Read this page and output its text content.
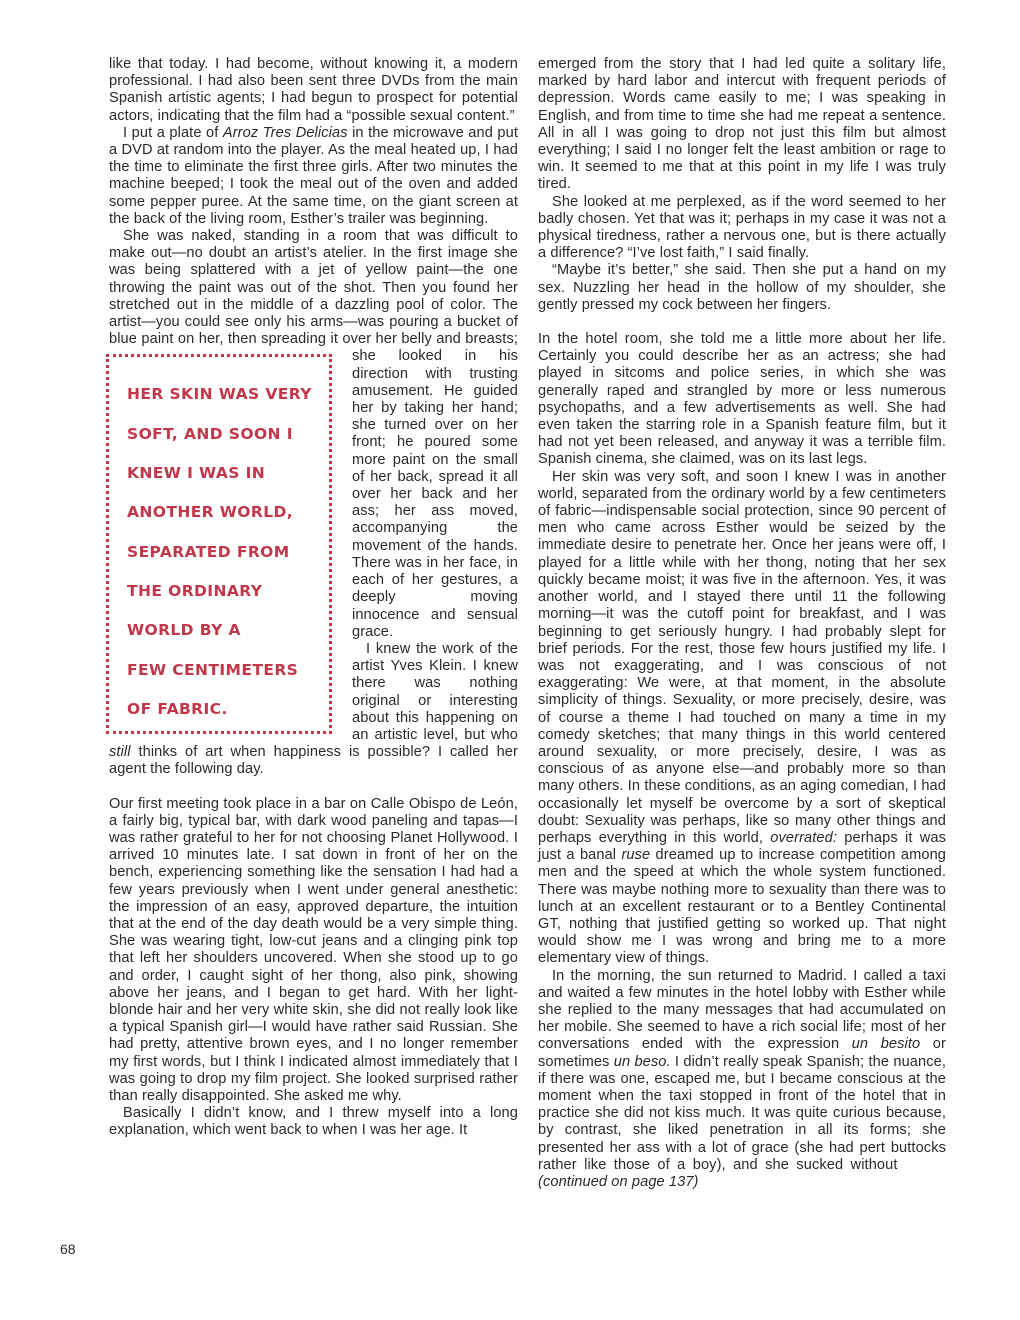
like that today. I had become, without knowing it, a modern professional. I had also been sent three DVDs from the main Spanish artistic agents; I had begun to prospect for potential actors, indicating that the film had a “possible sexual content.”

I put a plate of Arroz Tres Delicias in the microwave and put a DVD at random into the player. As the meal heated up, I had the time to eliminate the first three girls. After two minutes the machine beeped; I took the meal out of the oven and added some pepper puree. At the same time, on the giant screen at the back of the living room, Esther’s trailer was beginning.

She was naked, standing in a room that was difficult to make out—no doubt an artist’s atelier. In the first image she was being splattered with a jet of yellow paint—the one throwing the paint was out of the shot. Then you found her stretched out in the middle of a dazzling pool of color. The artist—you could see only his arms—was pouring a bucket of blue paint on her, then spreading it over her belly and
HER SKIN WAS VERY
SOFT, AND SOON I
KNEW I WAS IN
ANOTHER WORLD,
SEPARATED FROM
THE ORDINARY
WORLD BY A
FEW CENTIMETERS
OF FABRIC.
breasts; she looked in his direction with trusting amusement. He guided her by taking her hand; she turned over on her front; he poured some more paint on the small of her back, spread it all over her back and her ass; her ass moved, accompanying the movement of the hands. There was in her face, in each of her gestures, a deeply moving innocence and sensual grace.

I knew the work of the artist Yves Klein. I knew there was nothing original or interesting about this happening on an artistic level, but who still thinks of art when happiness is possible? I called her agent the following day.

Our first meeting took place in a bar on Calle Obispo de León, a fairly big, typical bar, with dark wood paneling and tapas—I was rather grateful to her for not choosing Planet Hollywood. I arrived 10 minutes late. I sat down in front of her on the bench, experiencing something like the sensation I had had a few years previously when I went under general anesthetic: the impression of an easy, approved departure, the intuition that at the end of the day death would be a very simple thing. She was wearing tight, low-cut jeans and a clinging pink top that left her shoulders uncovered. When she stood up to go and order, I caught sight of her thong, also pink, showing above her jeans, and I began to get hard. With her light-blonde hair and her very white skin, she did not really look like a typical Spanish girl—I would have rather said Russian. She had pretty, attentive brown eyes, and I no longer remember my first words, but I think I indicated almost immediately that I was going to drop my film project. She looked surprised rather than really disappointed. She asked me why.

Basically I didn’t know, and I threw myself into a long explanation, which went back to when I was her age. It

emerged from the story that I had led quite a solitary life, marked by hard labor and intercut with frequent periods of depression. Words came easily to me; I was speaking in English, and from time to time she had me repeat a sentence. All in all I was going to drop not just this film but almost everything; I said I no longer felt the least ambition or rage to win. It seemed to me that at this point in my life I was truly tired.

She looked at me perplexed, as if the word seemed to her badly chosen. Yet that was it; perhaps in my case it was not a physical tiredness, rather a nervous one, but is there actually a difference? “I’ve lost faith,” I said finally.

“Maybe it’s better,” she said. Then she put a hand on my sex. Nuzzling her head in the hollow of my shoulder, she gently pressed my cock between her fingers.

In the hotel room, she told me a little more about her life. Certainly you could describe her as an actress; she had played in sitcoms and police series, in which she was generally raped and strangled by more or less numerous psychopaths, and a few advertisements as well. She had even taken the starring role in a Spanish feature film, but it had not yet been released, and anyway it was a terrible film. Spanish cinema, she claimed, was on its last legs.

Her skin was very soft, and soon I knew I was in another world, separated from the ordinary world by a few centimeters of fabric—indispensable social protection, since 90 percent of men who came across Esther would be seized by the immediate desire to penetrate her. Once her jeans were off, I played for a little while with her thong, noting that her sex quickly became moist; it was five in the afternoon. Yes, it was another world, and I stayed there until 11 the following morning—it was the cutoff point for breakfast, and I was beginning to get seriously hungry. I had probably slept for brief periods. For the rest, those few hours justified my life. I was not exaggerating, and I was conscious of not exaggerating: We were, at that moment, in the absolute simplicity of things. Sexuality, or more precisely, desire, was of course a theme I had touched on many a time in my comedy sketches; that many things in this world centered around sexuality, or more precisely, desire, I was as conscious of as anyone else—and probably more so than many others. In these conditions, as an aging comedian, I had occasionally let myself be overcome by a sort of skeptical doubt: Sexuality was perhaps, like so many other things and perhaps everything in this world, overrated: perhaps it was just a banal ruse dreamed up to increase competition among men and the speed at which the whole system functioned. There was maybe nothing more to sexuality than there was to lunch at an excellent restaurant or to a Bentley Continental GT, nothing that justified getting so worked up. That night would show me I was wrong and bring me to a more elementary view of things.

In the morning, the sun returned to Madrid. I called a taxi and waited a few minutes in the hotel lobby with Esther while she replied to the many messages that had accumulated on her mobile. She seemed to have a rich social life; most of her conversations ended with the expression un besito or sometimes un beso. I didn’t really speak Spanish; the nuance, if there was one, escaped me, but I became conscious at the moment when the taxi stopped in front of the hotel that in practice she did not kiss much. It was quite curious because, by contrast, she liked penetration in all its forms; she presented her ass with a lot of grace (she had pert buttocks rather like those of a boy), and she sucked without        (continued on page 137)

68
